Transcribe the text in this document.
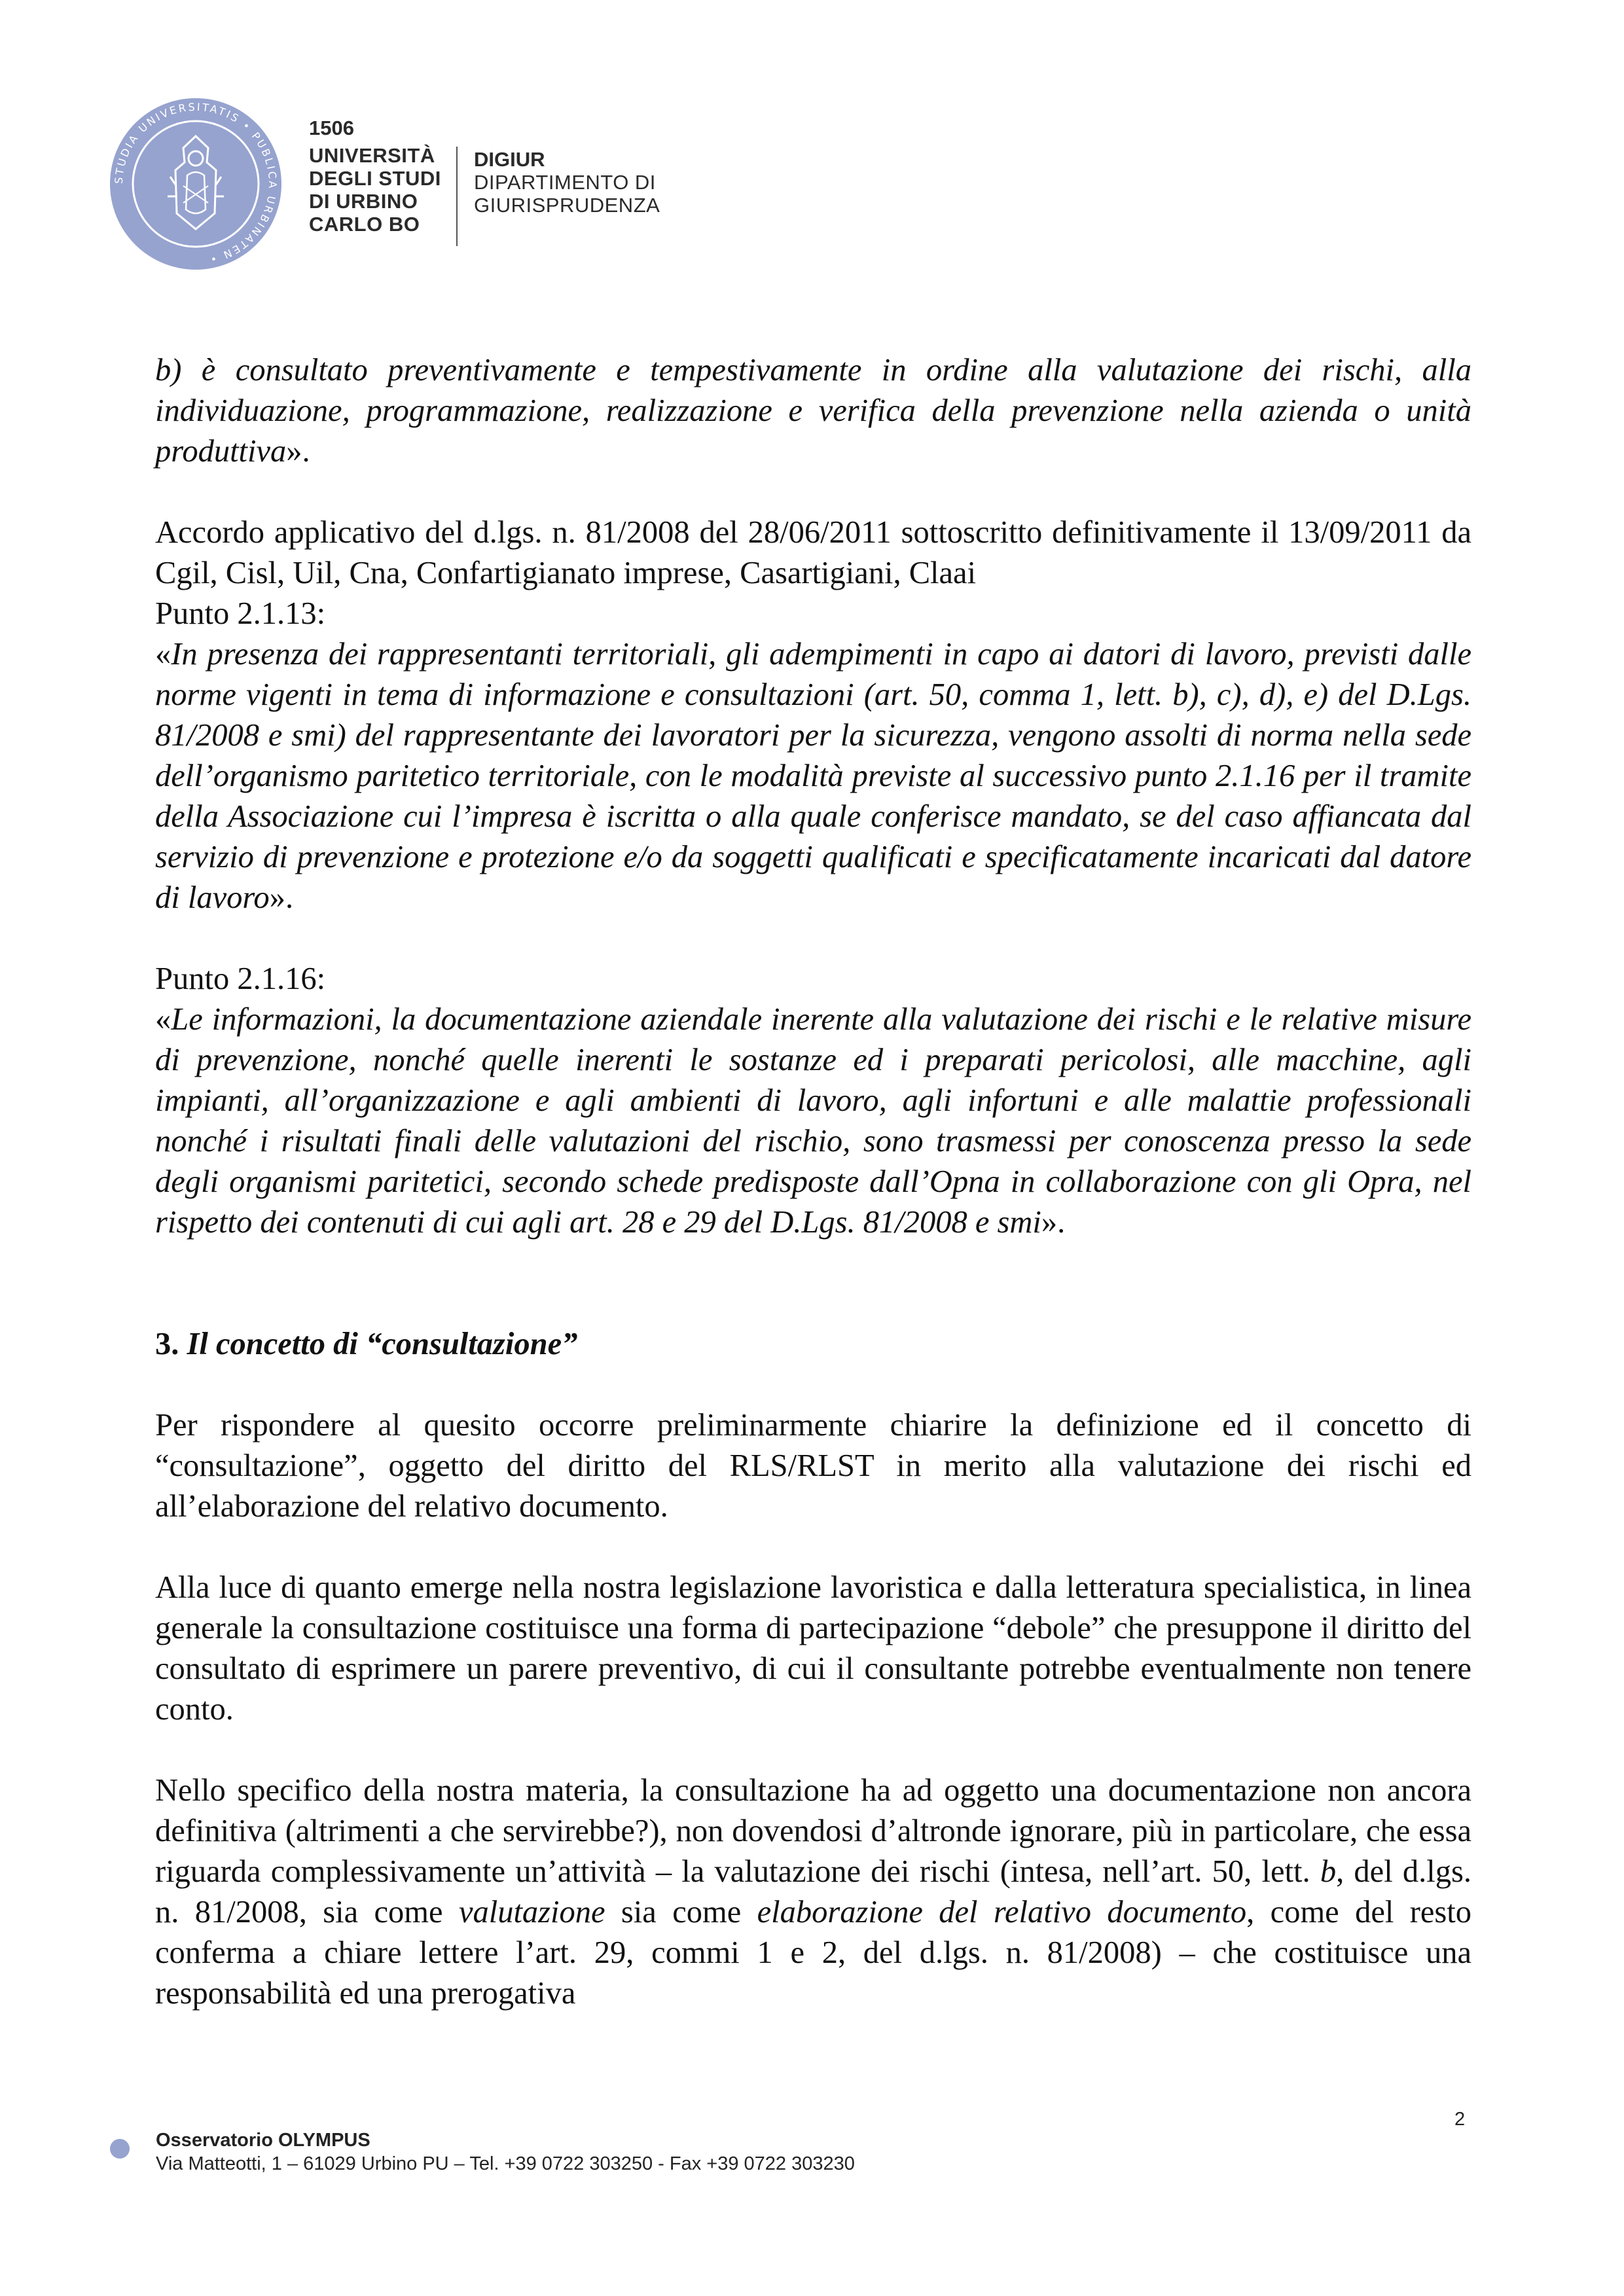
STUDIA UNIVERSITATIS • PUBLICA URBINATEN •
1506
UNIVERSITÀ
DEGLI STUDI
DI URBINO
CARLO BO
DIGIUR
DIPARTIMENTO DI
GIURISPRUDENZA

b) è consultato preventivamente e tempestivamente in ordine alla valutazione dei rischi, alla individuazione, programmazione, realizzazione e verifica della prevenzione nella azienda o unità produttiva».

Accordo applicativo del d.lgs. n. 81/2008 del 28/06/2011 sottoscritto definitivamente il 13/09/2011 da Cgil, Cisl, Uil, Cna, Confartigianato imprese, Casartigiani, Claai

Punto 2.1.13:

«In presenza dei rappresentanti territoriali, gli adempimenti in capo ai datori di lavoro, previsti dalle norme vigenti in tema di informazione e consultazioni (art. 50, comma 1, lett. b), c), d), e) del D.Lgs. 81/2008 e smi) del rappresentante dei lavoratori per la sicurezza, vengono assolti di norma nella sede dell’organismo paritetico territoriale, con le modalità previste al successivo punto 2.1.16 per il tramite della Associazione cui l’impresa è iscritta o alla quale conferisce mandato, se del caso affiancata dal servizio di prevenzione e protezione e/o da soggetti qualificati e specificatamente incaricati dal datore di lavoro».

Punto 2.1.16:

«Le informazioni, la documentazione aziendale inerente alla valutazione dei rischi e le relative misure di prevenzione, nonché quelle inerenti le sostanze ed i preparati pericolosi, alle macchine, agli impianti, all’organizzazione e agli ambienti di lavoro, agli infortuni e alle malattie professionali nonché i risultati finali delle valutazioni del rischio, sono trasmessi per conoscenza presso la sede degli organismi paritetici, secondo schede predisposte dall’Opna in collaborazione con gli Opra, nel rispetto dei contenuti di cui agli art. 28 e 29 del D.Lgs. 81/2008 e smi».

3. Il concetto di “consultazione”

Per rispondere al quesito occorre preliminarmente chiarire la definizione ed il concetto di “consultazione”, oggetto del diritto del RLS/RLST in merito alla valutazione dei rischi ed all’elaborazione del relativo documento.

Alla luce di quanto emerge nella nostra legislazione lavoristica e dalla letteratura specialistica, in linea generale la consultazione costituisce una forma di partecipazione “debole” che presuppone il diritto del consultato di esprimere un parere preventivo, di cui il consultante potrebbe eventualmente non tenere conto.

Nello specifico della nostra materia, la consultazione ha ad oggetto una documentazione non ancora definitiva (altrimenti a che servirebbe?), non dovendosi d’altronde ignorare, più in particolare, che essa riguarda complessivamente un’attività – la valutazione dei rischi (intesa, nell’art. 50, lett. b, del d.lgs. n. 81/2008, sia come valutazione sia come elaborazione del relativo documento, come del resto conferma a chiare lettere l’art. 29, commi 1 e 2, del d.lgs. n. 81/2008) – che costituisce una responsabilità ed una prerogativa

2
Osservatorio OLYMPUS
Via Matteotti, 1 – 61029 Urbino PU – Tel. +39 0722 303250 - Fax +39 0722 303230
